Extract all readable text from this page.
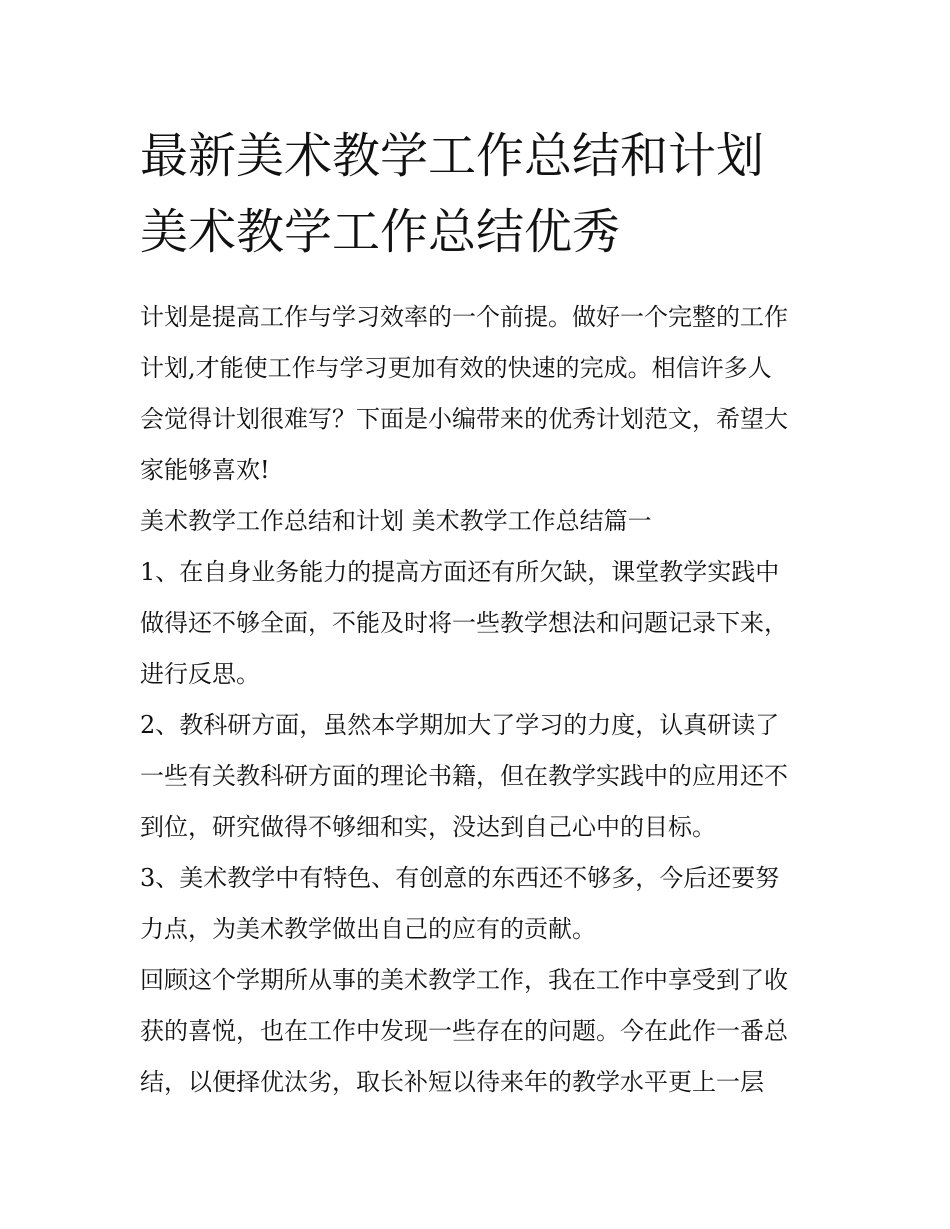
最新美术教学工作总结和计划
美术教学工作总结优秀

计划是提高工作与学习效率的一个前提。做好一个完整的工作
计划,才能使工作与学习更加有效的快速的完成。相信许多人
会觉得计划很难写？下面是小编带来的优秀计划范文，希望大
家能够喜欢!

美术教学工作总结和计划 美术教学工作总结篇一

1、在自身业务能力的提高方面还有所欠缺，课堂教学实践中
做得还不够全面，不能及时将一些教学想法和问题记录下来，
进行反思。

2、教科研方面，虽然本学期加大了学习的力度，认真研读了
一些有关教科研方面的理论书籍，但在教学实践中的应用还不
到位，研究做得不够细和实，没达到自己心中的目标。

3、美术教学中有特色、有创意的东西还不够多，今后还要努
力点，为美术教学做出自己的应有的贡献。

回顾这个学期所从事的美术教学工作，我在工作中享受到了收
获的喜悦，也在工作中发现一些存在的问题。今在此作一番总
结，以便择优汰劣，取长补短以待来年的教学水平更上一层
